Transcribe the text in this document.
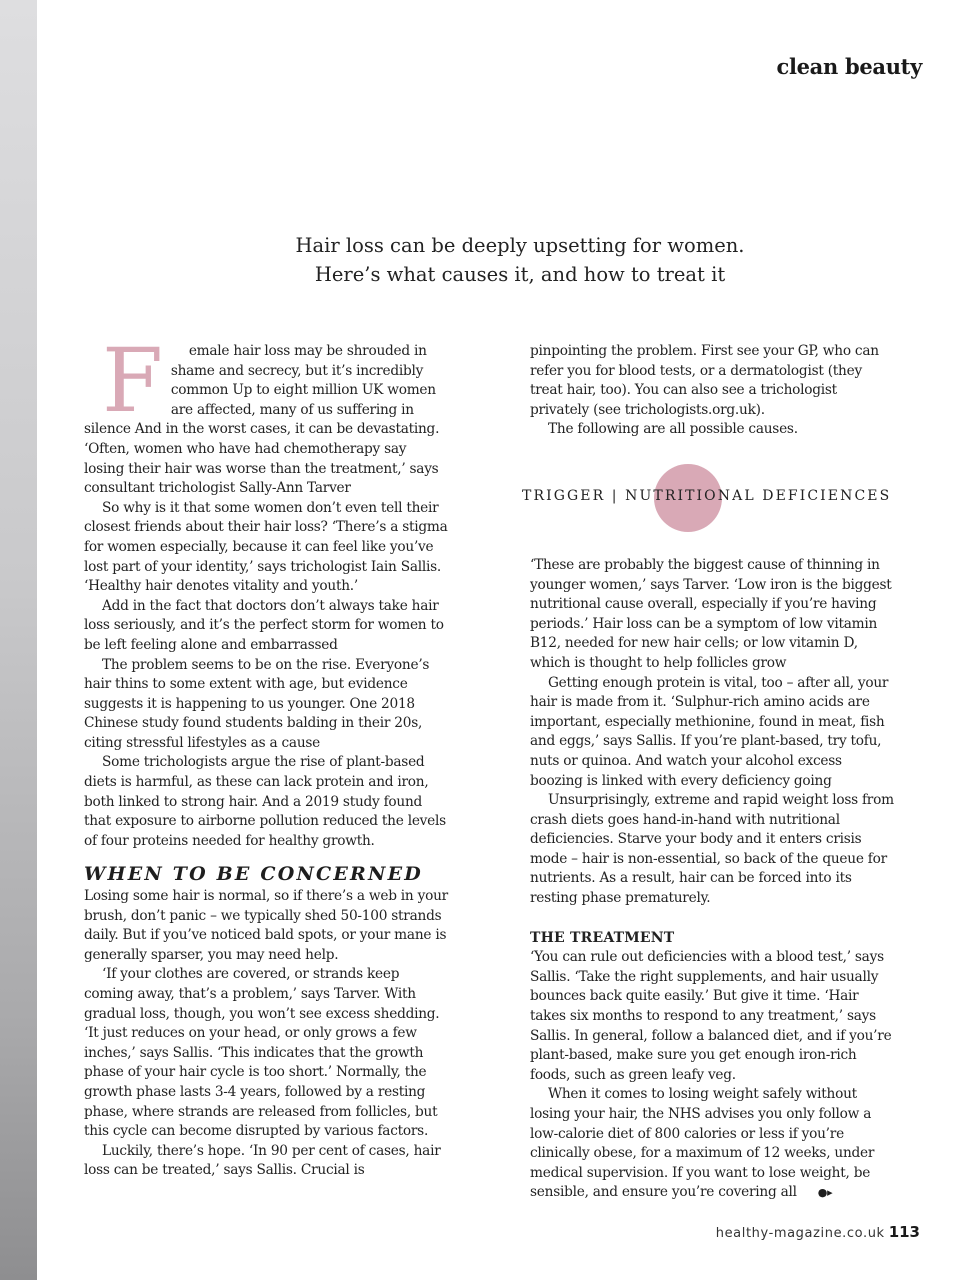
clean beauty
Hair loss can be deeply upsetting for women.
Here’s what causes it, and how to treat it

F emale hair loss may be shrouded in shame and secrecy, but it’s incredibly common Up to eight million UK women are affected, many of us suffering in silence And in the worst cases, it can be devastating. ‘Often, women who have had chemotherapy say losing their hair was worse than the treatment,’ says consultant trichologist Sally-Ann Tarver

So why is it that some women don’t even tell their closest friends about their hair loss? ‘There’s a stigma for women especially, because it can feel like you’ve lost part of your identity,’ says trichologist Iain Sallis. ‘Healthy hair denotes vitality and youth.’

Add in the fact that doctors don’t always take hair loss seriously, and it’s the perfect storm for women to be left feeling alone and embarrassed

The problem seems to be on the rise. Everyone’s hair thins to some extent with age, but evidence suggests it is happening to us younger. One 2018 Chinese study found students balding in their 20s, citing stressful lifestyles as a cause

Some trichologists argue the rise of plant-based diets is harmful, as these can lack protein and iron, both linked to strong hair. And a 2019 study found that exposure to airborne pollution reduced the levels of four proteins needed for healthy growth.

WHEN TO BE CONCERNED

Losing some hair is normal, so if there’s a web in your brush, don’t panic – we typically shed 50-100 strands daily. But if you’ve noticed bald spots, or your mane is generally sparser, you may need help.

‘If your clothes are covered, or strands keep coming away, that’s a problem,’ says Tarver. With gradual loss, though, you won’t see excess shedding. ‘It just reduces on your head, or only grows a few inches,’ says Sallis. ‘This indicates that the growth phase of your hair cycle is too short.’ Normally, the growth phase lasts 3-4 years, followed by a resting phase, where strands are released from follicles, but this cycle can become disrupted by various factors.

Luckily, there’s hope. ‘In 90 per cent of cases, hair loss can be treated,’ says Sallis. Crucial is

pinpointing the problem. First see your GP, who can refer you for blood tests, or a dermatologist (they treat hair, too). You can also see a trichologist privately (see trichologists.org.uk).

The following are all possible causes.

TRIGGER | NUTRITIONAL DEFICIENCES

‘These are probably the biggest cause of thinning in younger women,’ says Tarver. ‘Low iron is the biggest nutritional cause overall, especially if you’re having periods.’ Hair loss can be a symptom of low vitamin B12, needed for new hair cells; or low vitamin D, which is thought to help follicles grow

Getting enough protein is vital, too – after all, your hair is made from it. ‘Sulphur-rich amino acids are important, especially methionine, found in meat, fish and eggs,’ says Sallis. If you’re plant-based, try tofu, nuts or quinoa. And watch your alcohol excess boozing is linked with every deficiency going

Unsurprisingly, extreme and rapid weight loss from crash diets goes hand-in-hand with nutritional deficiencies. Starve your body and it enters crisis mode – hair is non-essential, so back of the queue for nutrients. As a result, hair can be forced into its resting phase prematurely.

THE TREATMENT

‘You can rule out deficiencies with a blood test,’ says Sallis. ‘Take the right supplements, and hair usually bounces back quite easily.’ But give it time. ‘Hair takes six months to respond to any treatment,’ says Sallis. In general, follow a balanced diet, and if you’re plant-based, make sure you get enough iron-rich foods, such as green leafy veg.

When it comes to losing weight safely without losing your hair, the NHS advises you only follow a low-calorie diet of 800 calories or less if you’re clinically obese, for a maximum of 12 weeks, under medical supervision. If you want to lose weight, be sensible, and ensure you’re covering all ●▸

healthy-magazine.co.uk 113
